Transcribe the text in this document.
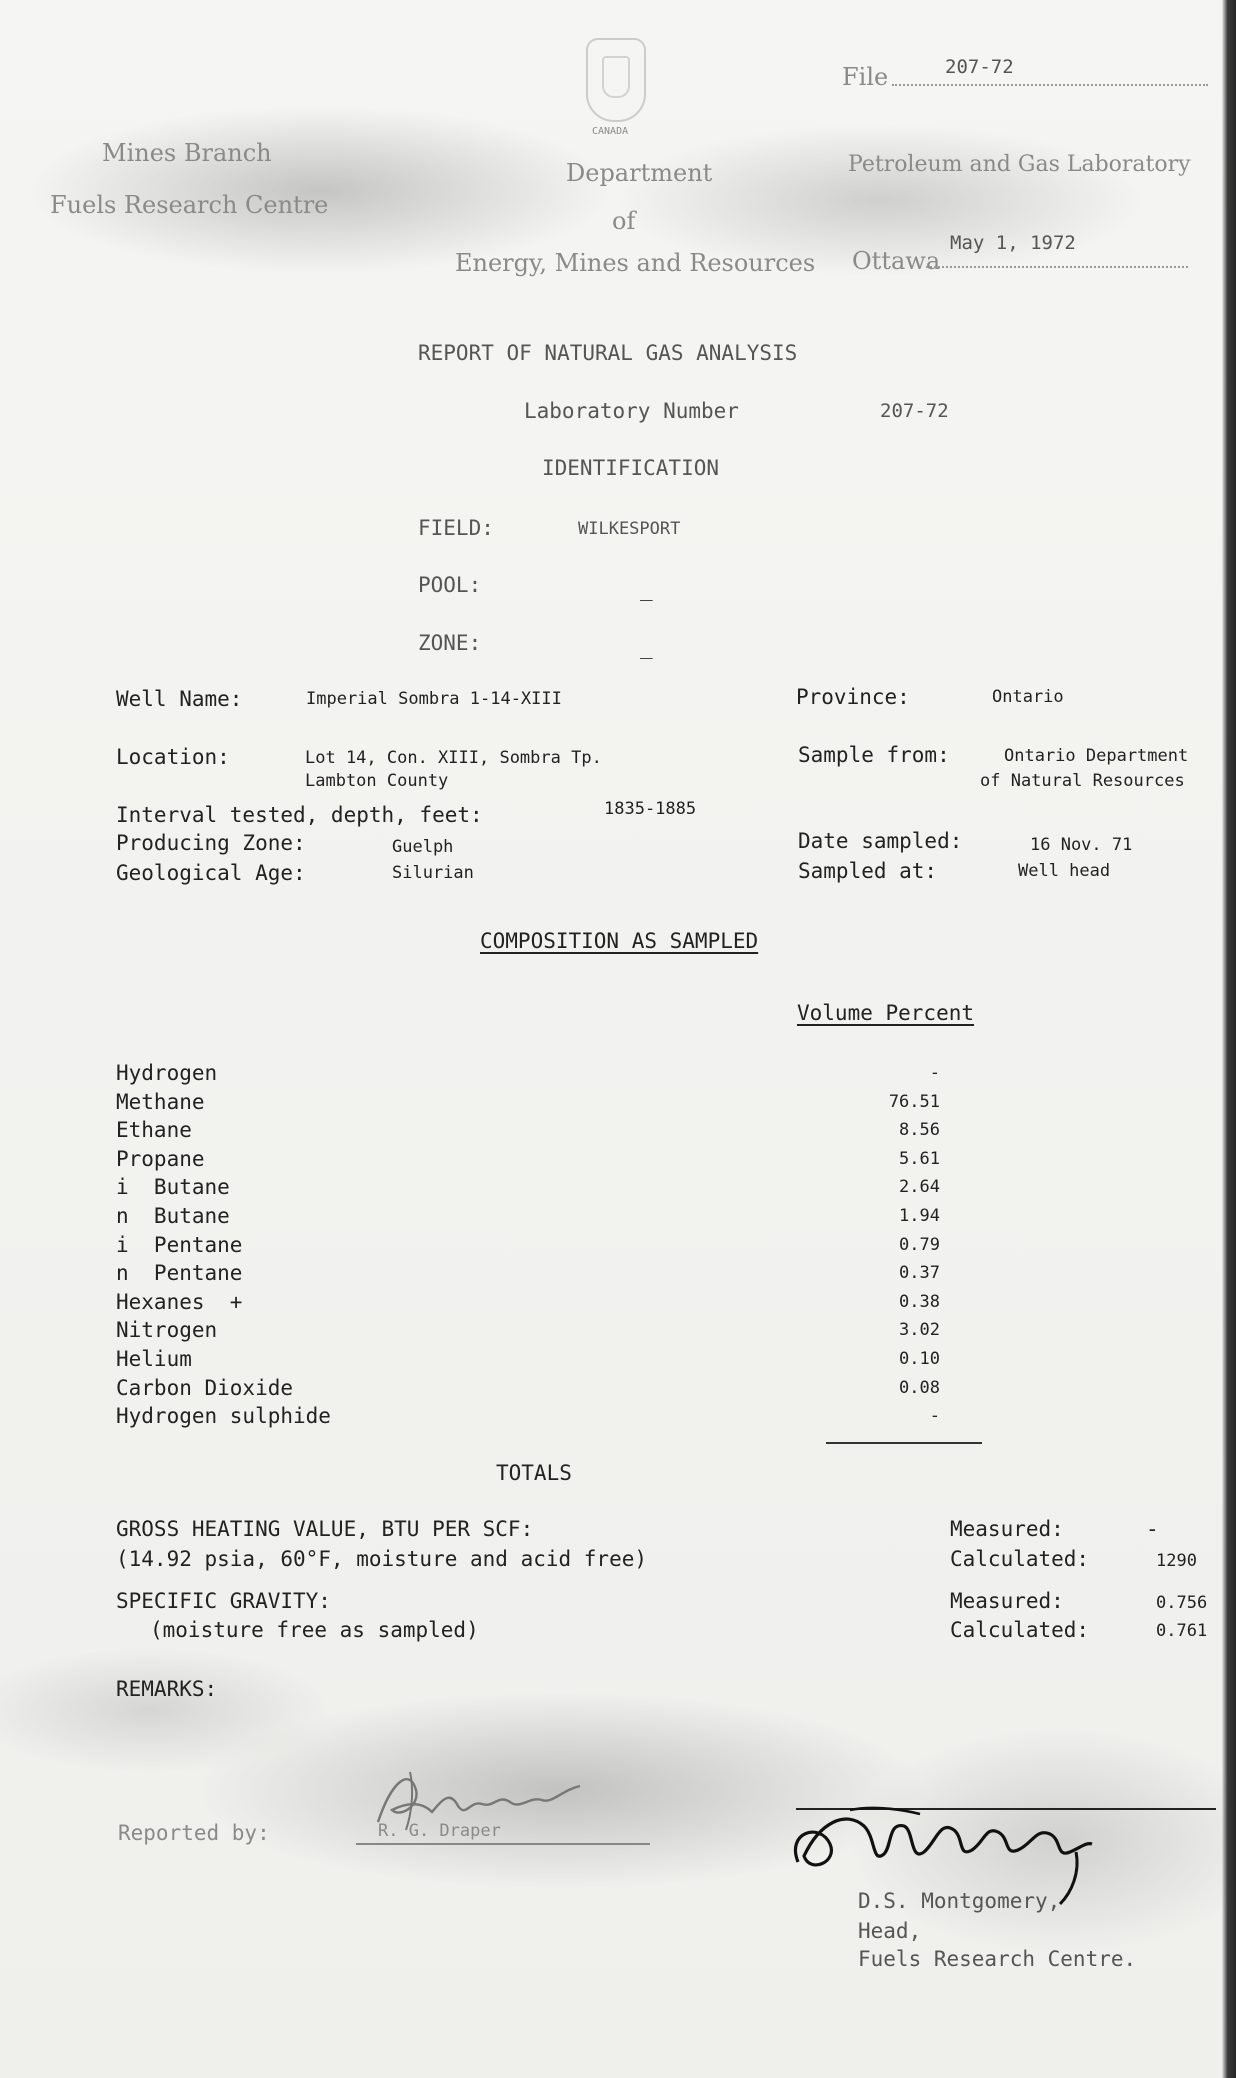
Mines Branch
Fuels Research Centre
CANADA
Department
of
Energy, Mines and Resources
File	207-72
Petroleum and Gas Laboratory
Ottawa
May 1, 1972
REPORT OF NATURAL GAS ANALYSIS
Laboratory Number	207-72
IDENTIFICATION
FIELD:	WILKESPORT
POOL:	_
ZONE:	_
Well Name:	Imperial Sombra 1-14-XIII	Province:	Ontario
Location:	Lot 14, Con. XIII, Sombra Tp.
Lambton County
Sample from:	Ontario Department
of Natural Resources
Interval tested, depth, feet:	1835-1885
Producing Zone:	Guelph
Geological Age:	Silurian
Date sampled:	16 Nov. 71
Sampled at:	Well head
COMPOSITION AS SAMPLED
Volume Percent
Hydrogen	-
Methane	76.51
Ethane	8.56
Propane	5.61
i  Butane	2.64
n  Butane	1.94
i  Pentane	0.79
n  Pentane	0.37
Hexanes  +	0.38
Nitrogen	3.02
Helium	0.10
Carbon Dioxide	0.08
Hydrogen sulphide	-
TOTALS
GROSS HEATING VALUE, BTU PER SCF:
(14.92 psia, 60°F, moisture and acid free)
Measured:	-
Calculated:	1290
SPECIFIC GRAVITY:
(moisture free as sampled)
Measured:	0.756
Calculated:	0.761
REMARKS:
Reported by:	R. G. Draper
D.S. Montgomery,
Head,
Fuels Research Centre.
